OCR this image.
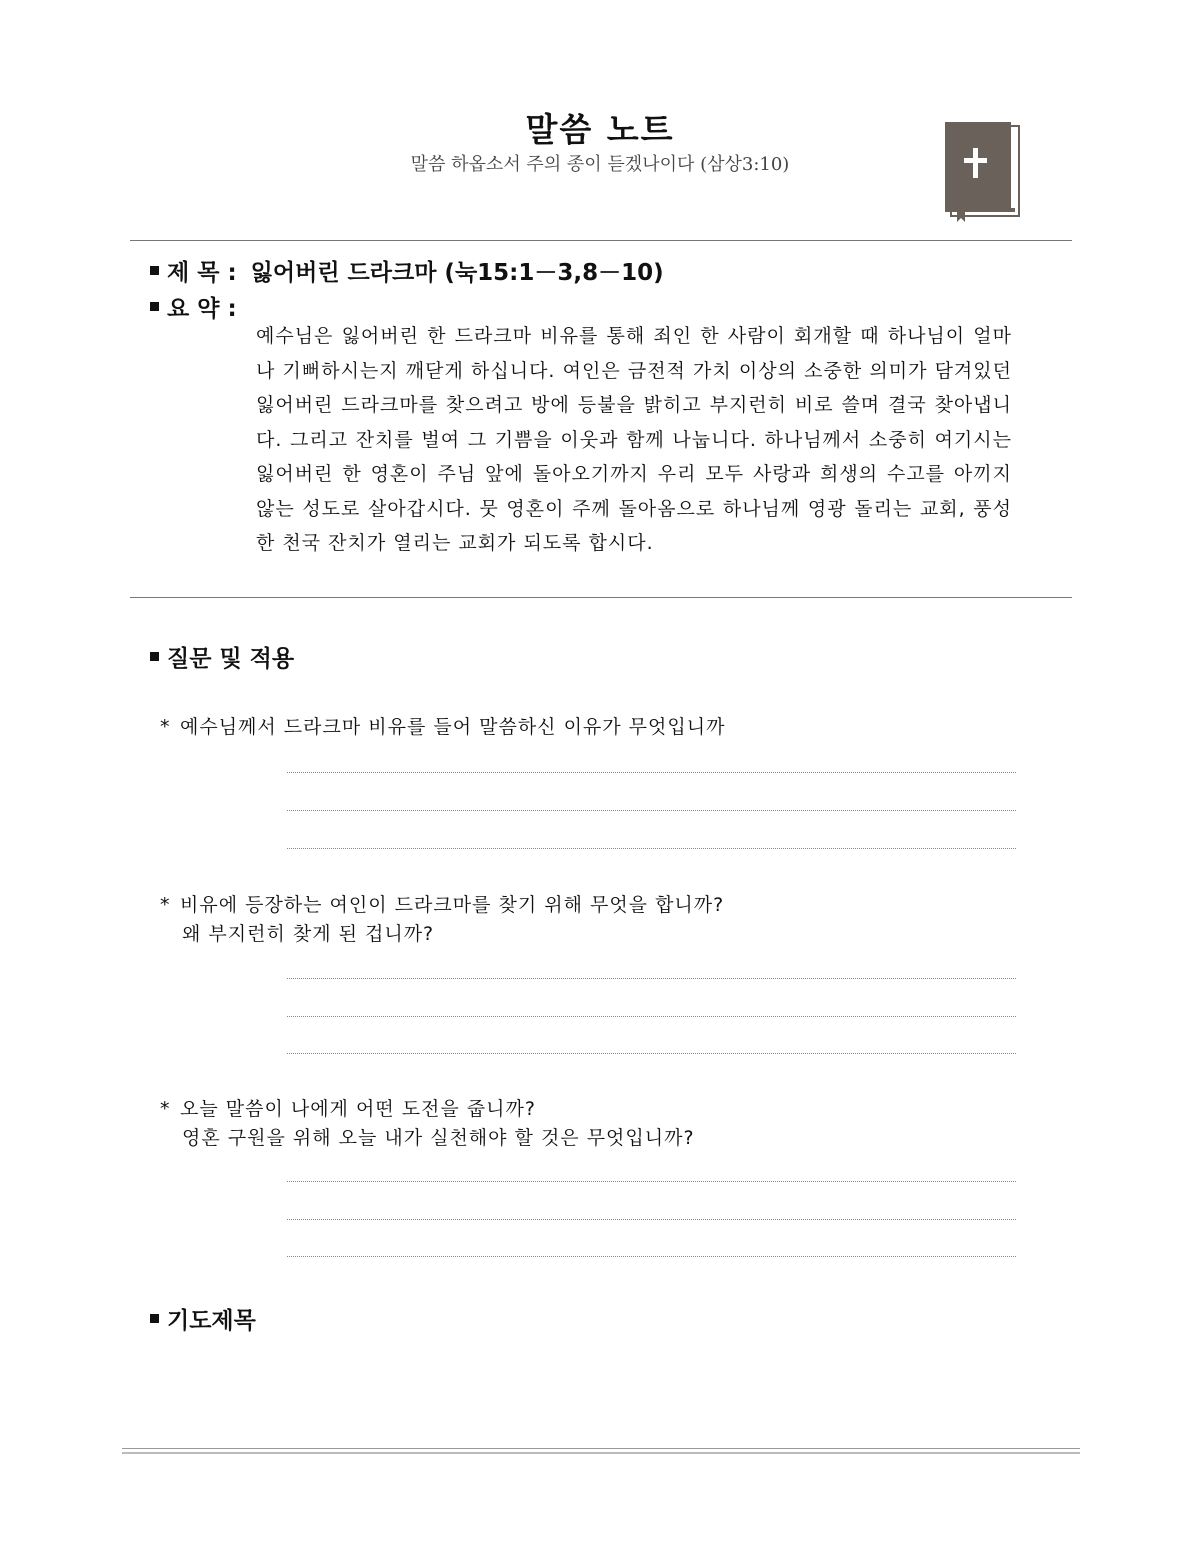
말씀 노트
말씀 하옵소서 주의 종이 듣겠나이다 (삼상3:10)
제 목 : 잃어버린 드라크마 (눅15:1－3,8－10)
요 약 :

예수님은 잃어버린 한 드라크마 비유를 통해 죄인 한 사람이 회개할 때 하나님이 얼마나 기뻐하시는지 깨닫게 하십니다. 여인은 금전적 가치 이상의 소중한 의미가 담겨있던 잃어버린 드라크마를 찾으려고 방에 등불을 밝히고 부지런히 비로 쓸며 결국 찾아냅니다. 그리고 잔치를 벌여 그 기쁨을 이웃과 함께 나눕니다. 하나님께서 소중히 여기시는 잃어버린 한 영혼이 주님 앞에 돌아오기까지 우리 모두 사랑과 희생의 수고를 아끼지 않는 성도로 살아갑시다. 뭇 영혼이 주께 돌아옴으로 하나님께 영광 돌리는 교회, 풍성한 천국 잔치가 열리는 교회가 되도록 합시다.

질문 및 적용
* 예수님께서 드라크마 비유를 들어 말씀하신 이유가 무엇입니까
* 비유에 등장하는 여인이 드라크마를 찾기 위해 무엇을 합니까?
왜 부지런히 찾게 된 겁니까?
* 오늘 말씀이 나에게 어떤 도전을 줍니까?
영혼 구원을 위해 오늘 내가 실천해야 할 것은 무엇입니까?
기도제목
